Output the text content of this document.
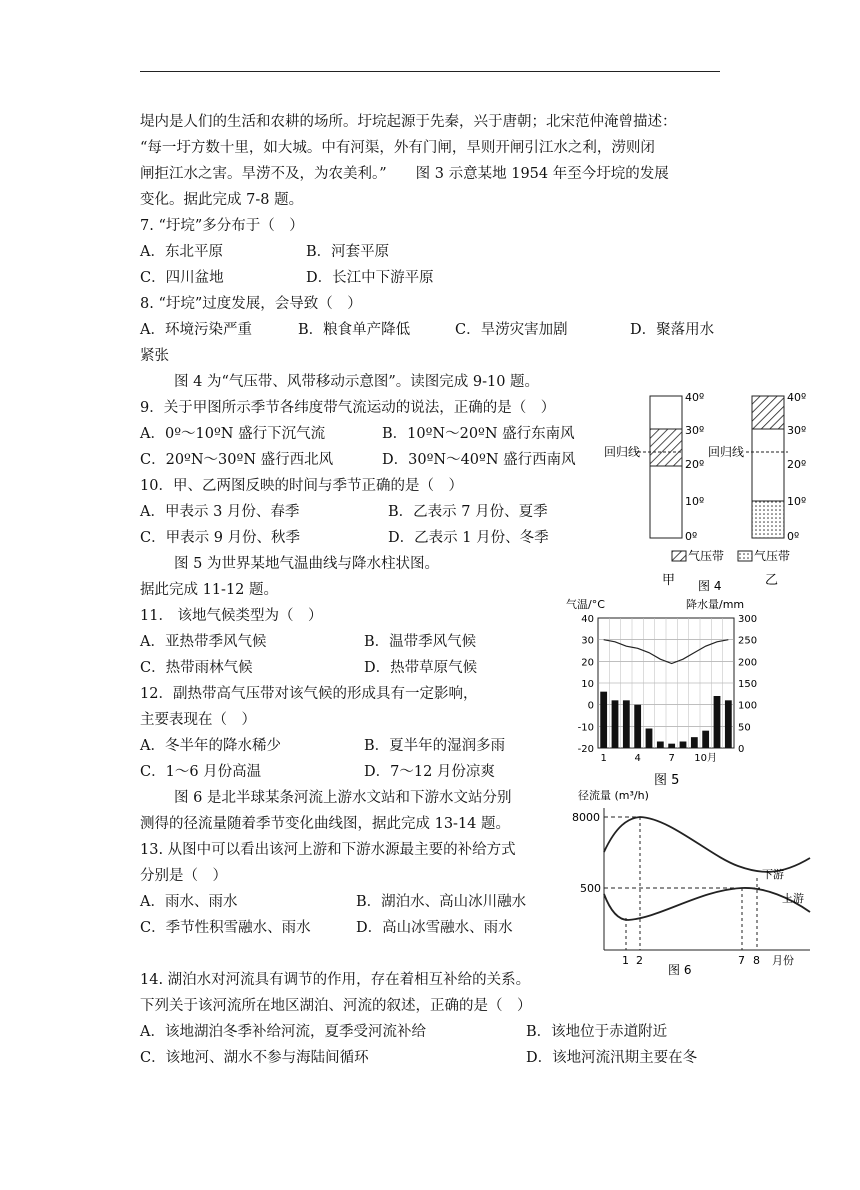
堤内是人们的生活和农耕的场所。圩垸起源于先秦，兴于唐朝；北宋范仲淹曾描述：
“每一圩方数十里，如大城。中有河渠，外有门闸，旱则开闸引江水之利，涝则闭
闸拒江水之害。旱涝不及，为农美利。”　　图 3 示意某地 1954 年至今圩垸的发展
变化。据此完成 7-8 题。
7. “圩垸”多分布于（　）
A．东北平原	B．河套平原
C．四川盆地	D．长江中下游平原
8. “圩垸”过度发展，会导致（　）
A．环境污染严重	B．粮食单产降低	C．旱涝灾害加剧	D．聚落用水
紧张
图 4 为“气压带、风带移动示意图”。读图完成 9-10 题。
9．关于甲图所示季节各纬度带气流运动的说法，正确的是（　）
A．0º～10ºN 盛行下沉气流	B．10ºN～20ºN 盛行东南风
C．20ºN～30ºN 盛行西北风	D．30ºN～40ºN 盛行西南风
10．甲、乙两图反映的时间与季节正确的是（　）
A．甲表示 3 月份、春季	B．乙表示 7 月份、夏季
C．甲表示 9 月份、秋季	D．乙表示 1 月份、冬季
图 5 为世界某地气温曲线与降水柱状图。
据此完成 11-12 题。
11． 该地气候类型为（　）
A．亚热带季风气候	B．温带季风气候
C．热带雨林气候	D．热带草原气候
12．副热带高气压带对该气候的形成具有一定影响，
主要表现在（　）
A．冬半年的降水稀少	B．夏半年的湿润多雨
C．1～6 月份高温	D．7～12 月份凉爽
图 6 是北半球某条河流上游水文站和下游水文站分别
测得的径流量随着季节变化曲线图，据此完成 13-14 题。
13. 从图中可以看出该河上游和下游水源最主要的补给方式
分别是（　）
A．雨水、雨水	B．湖泊水、高山冰川融水
C．季节性积雪融水、雨水	D．高山冰雪融水、雨水
14. 湖泊水对河流具有调节的作用，存在着相互补给的关系。
下列关于该河流所在地区湖泊、河流的叙述，正确的是（　）
A．该地湖泊冬季补给河流，夏季受河流补给	B．该地位于赤道附近
C．该地河、湖水不参与海陆间循环	D．该地河流汛期主要在冬
回归线	回归线
40º
30º
20º
10º
0º
40º
30º
20º
10º
0º
气压带 气压带
甲 图 4	乙
气温/°C	降水量/mm
40	300
30	250
20	200
10	150
0	100
-10	50
-20	0
1	4	7 10月
图 5
径流量 (m³/h)
8000
500
下游
上游
1 2	7 8 月份
图 6
